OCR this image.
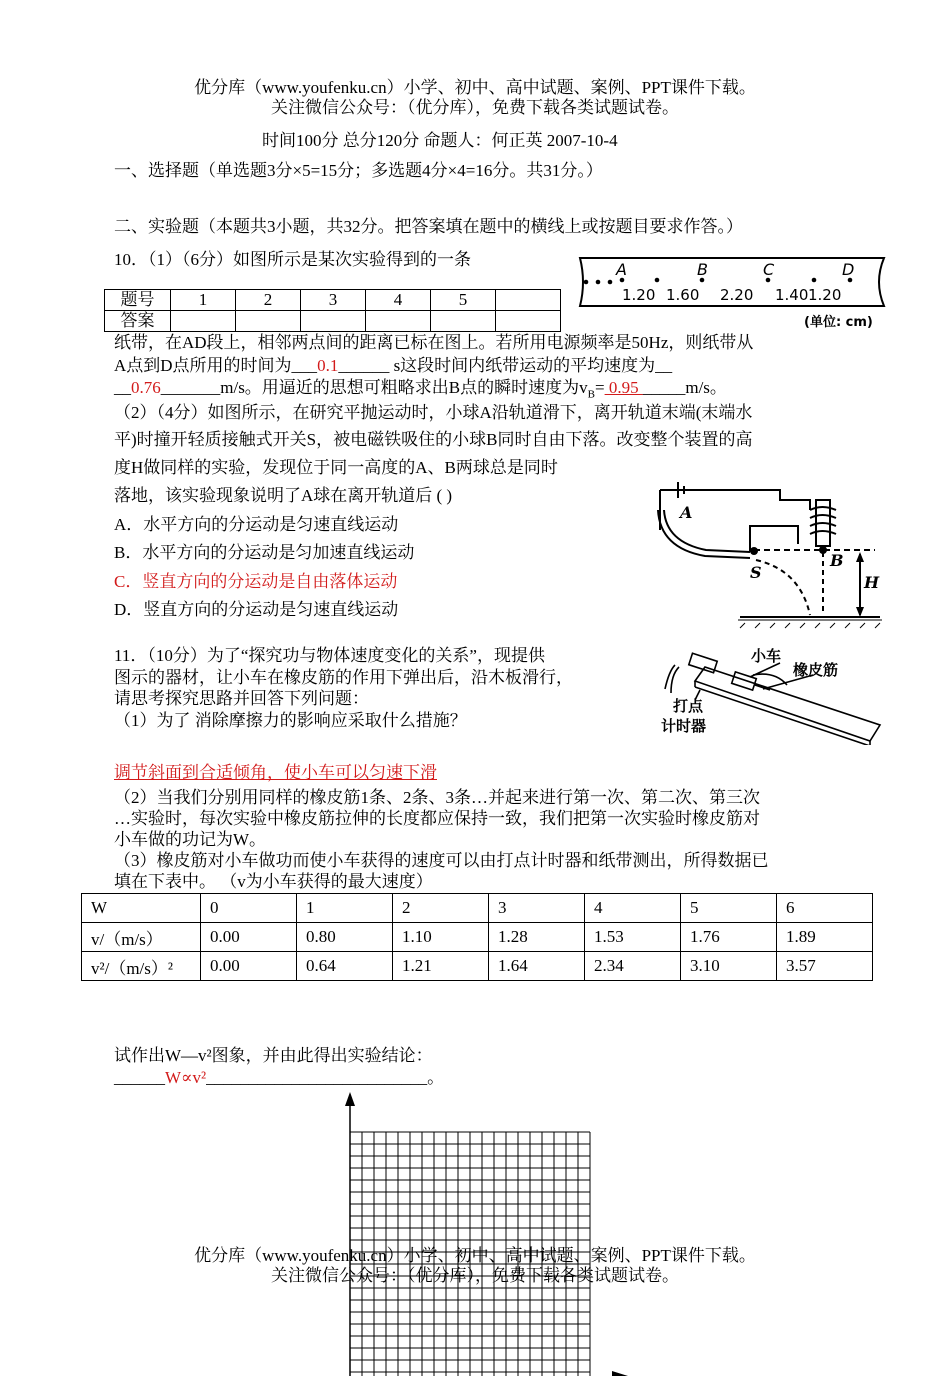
优分库（www.youfenku.cn）小学、初中、高中试题、案例、PPT课件下载。
关注微信公众号：（优分库），免费下载各类试题试卷。
时间100分 总分120分 命题人：何正英 2007-10-4
一、选择题（单选题3分×5=15分；多选题4分×4=16分。共31分。）
题号	1	2	3	4	5	
答案						
二、实验题（本题共3小题，共32分。把答案填在题中的横线上或按题目要求作答。）
10．（1）（6分）如图所示是某次实验得到的一条
A	B	C	D
1.20 1.60 2.20 1.40 1.20
(单位: cm)
纸带，在AD段上，相邻两点间的距离已标在图上。若所用电源频率是50Hz，则纸带从
A点到D点所用的时间为___0.1______ s这段时间内纸带运动的平均速度为__
__0.76_______m/s。用逼近的思想可粗略求出B点的瞬时速度为$v_B= 0.95$ _____m/s。
（2）（4分）如图所示，在研究平抛运动时，小球A沿轨道滑下，离开轨道末端(末端水
平)时撞开轻质接触式开关S，被电磁铁吸住的小球B同时自由下落。改变整个装置的高
度H做同样的实验，发现位于同一高度的A、B两球总是同时
落地，该实验现象说明了A球在离开轨道后 ( )
A．水平方向的分运动是匀速直线运动
B．水平方向的分运动是匀加速直线运动
C．竖直方向的分运动是自由落体运动
D．竖直方向的分运动是匀速直线运动
A
B
S
H
11．（10分）为了“探究功与物体速度变化的关系”，现提供
图示的器材，让小车在橡皮筋的作用下弹出后，沿木板滑行，
请思考探究思路并回答下列问题：
（1）为了 消除摩擦力的影响应采取什么措施？
调节斜面到合适倾角，使小车可以匀速下滑
小车
橡皮筋
打点
计时器
（2）当我们分别用同样的橡皮筋1条、2条、3条…并起来进行第一次、第二次、第三次
…实验时，每次实验中橡皮筋拉伸的长度都应保持一致，我们把第一次实验时橡皮筋对
小车做的功记为W。
（3）橡皮筋对小车做功而使小车获得的速度可以由打点计时器和纸带测出，所得数据已
填在下表中。 （v为小车获得的最大速度）
W	0	1	2	3	4	5	6
v/（m/s）	0.00	0.80	1.10	1.28	1.53	1.76	1.89
v²/（m/s）²	0.00	0.64	1.21	1.64	2.34	3.10	3.57
试作出W—v²图象，并由此得出实验结论：
______W∝v²__________________________。
优分库（www.youfenku.cn）小学、初中、高中试题、案例、PPT课件下载。
关注微信公众号：（优分库），免费下载各类试题试卷。
